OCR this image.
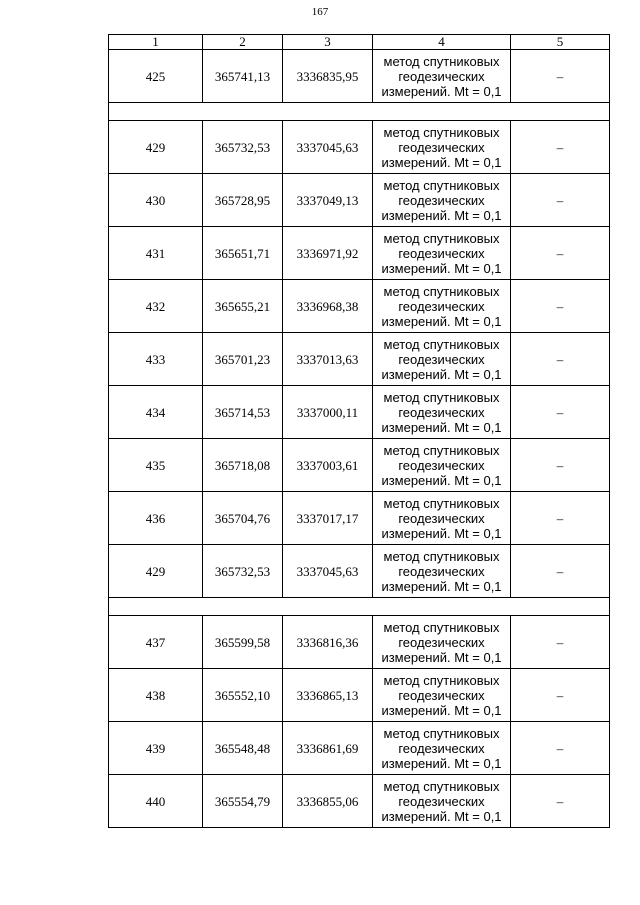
167
1	2	3	4	5
425	365741,13	3336835,95	метод спутниковых
геодезических
измерений. Mt = 0,1	–

429	365732,53	3337045,63	метод спутниковых
геодезических
измерений. Mt = 0,1	–
430	365728,95	3337049,13	метод спутниковых
геодезических
измерений. Mt = 0,1	–
431	365651,71	3336971,92	метод спутниковых
геодезических
измерений. Mt = 0,1	–
432	365655,21	3336968,38	метод спутниковых
геодезических
измерений. Mt = 0,1	–
433	365701,23	3337013,63	метод спутниковых
геодезических
измерений. Mt = 0,1	–
434	365714,53	3337000,11	метод спутниковых
геодезических
измерений. Mt = 0,1	–
435	365718,08	3337003,61	метод спутниковых
геодезических
измерений. Mt = 0,1	–
436	365704,76	3337017,17	метод спутниковых
геодезических
измерений. Mt = 0,1	–
429	365732,53	3337045,63	метод спутниковых
геодезических
измерений. Mt = 0,1	–

437	365599,58	3336816,36	метод спутниковых
геодезических
измерений. Mt = 0,1	–
438	365552,10	3336865,13	метод спутниковых
геодезических
измерений. Mt = 0,1	–
439	365548,48	3336861,69	метод спутниковых
геодезических
измерений. Mt = 0,1	–
440	365554,79	3336855,06	метод спутниковых
геодезических
измерений. Mt = 0,1	–
